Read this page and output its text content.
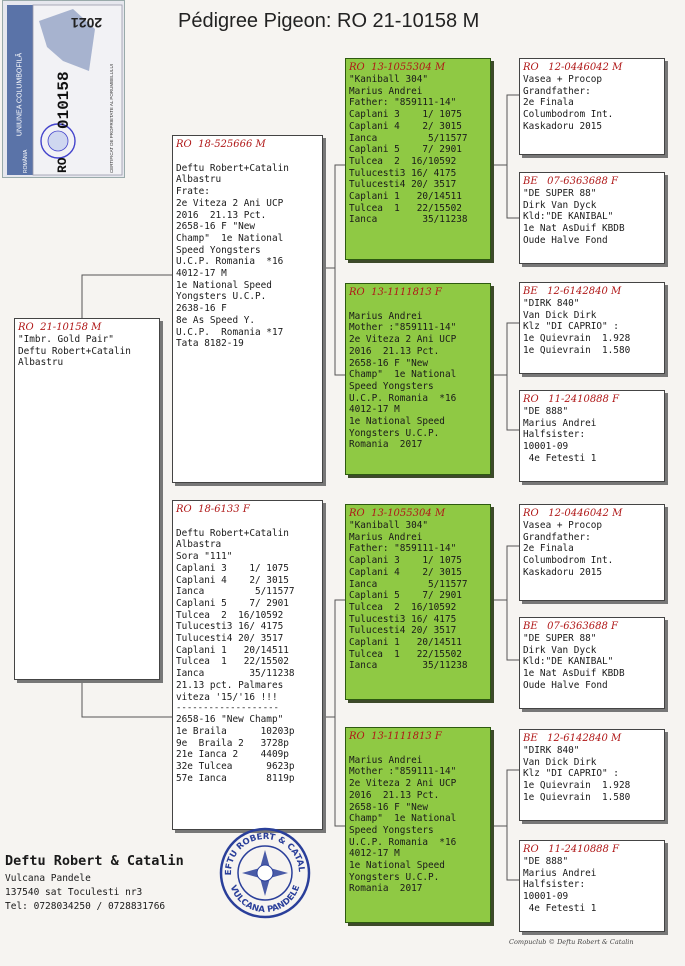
Pédigree Pigeon: RO 21-10158 M
UNIUNEA COLUMBOFILĂ
2021
010158
RO	CERTIFICAT DE PROPRIETATE AL PORUMBELULUI
ROMÂNIA
RO  21-10158 M
"Imbr. Gold Pair"
Deftu Robert+Catalin
Albastru
RO  18-525666 M
Deftu Robert+Catalin
Albastru
Frate:
2e Viteza 2 Ani UCP
2016  21.13 Pct.
2658-16 F "New
Champ"  1e National
Speed Yongsters
U.C.P. Romania  *16
4012-17 M
1e National Speed
Yongsters U.C.P.
2638-16 F
8e As Speed Y.
U.C.P.  Romania *17
Tata 8182-19
RO  18-6133 F
Deftu Robert+Catalin
Albastra
Sora "111"
Caplani 3    1/ 1075
Caplani 4    2/ 3015
Ianca         5/11577
Caplani 5    7/ 2901
Tulcea  2  16/10592
Tulucesti3 16/ 4175
Tulucesti4 20/ 3517
Caplani 1   20/14511
Tulcea  1   22/15502
Ianca        35/11238
21.13 pct. Palmares
viteza '15/'16 !!!
-------------------
2658-16 "New Champ"
1e Braila      10203p
9e  Braila 2   3728p
21e Ianca 2    4409p
32e Tulcea      9623p
57e Ianca       8119p
RO  13-1055304 M
"Kaniball 304"
Marius Andrei
Father: "859111-14"
Caplani 3    1/ 1075
Caplani 4    2/ 3015
Ianca         5/11577
Caplani 5    7/ 2901
Tulcea  2  16/10592
Tulucesti3 16/ 4175
Tulucesti4 20/ 3517
Caplani 1   20/14511
Tulcea  1   22/15502
Ianca        35/11238
RO  13-1111813 F
Marius Andrei
Mother :"859111-14"
2e Viteza 2 Ani UCP
2016  21.13 Pct.
2658-16 F "New
Champ"  1e National
Speed Yongsters
U.C.P. Romania  *16
4012-17 M
1e National Speed
Yongsters U.C.P.
Romania  2017
RO  13-1055304 M
"Kaniball 304"
Marius Andrei
Father: "859111-14"
Caplani 3    1/ 1075
Caplani 4    2/ 3015
Ianca         5/11577
Caplani 5    7/ 2901
Tulcea  2  16/10592
Tulucesti3 16/ 4175
Tulucesti4 20/ 3517
Caplani 1   20/14511
Tulcea  1   22/15502
Ianca        35/11238
RO  13-1111813 F
Marius Andrei
Mother :"859111-14"
2e Viteza 2 Ani UCP
2016  21.13 Pct.
2658-16 F "New
Champ"  1e National
Speed Yongsters
U.C.P. Romania  *16
4012-17 M
1e National Speed
Yongsters U.C.P.
Romania  2017
RO   12-0446042 M
Vasea + Procop
Grandfather:
2e Finala
Columbodrom Int.
Kaskadoru 2015
BE   07-6363688 F
"DE SUPER 88"
Dirk Van Dyck
Kld:"DE KANIBAL"
1e Nat AsDuif KBDB
Oude Halve Fond
BE   12-6142840 M
"DIRK 840"
Van Dick Dirk
Klz "DI CAPRIO" :
1e Quievrain  1.928
1e Quievrain  1.580
RO   11-2410888 F
"DE 888"
Marius Andrei
Halfsister:
10001-09
4e Fetesti 1
RO   12-0446042 M
Vasea + Procop
Grandfather:
2e Finala
Columbodrom Int.
Kaskadoru 2015
BE   07-6363688 F
"DE SUPER 88"
Dirk Van Dyck
Kld:"DE KANIBAL"
1e Nat AsDuif KBDB
Oude Halve Fond
BE   12-6142840 M
"DIRK 840"
Van Dick Dirk
Klz "DI CAPRIO" :
1e Quievrain  1.928
1e Quievrain  1.580
RO   11-2410888 F
"DE 888"
Marius Andrei
Halfsister:
10001-09
4e Fetesti 1
Deftu Robert & Catalin
Vulcana Pandele
137540 sat Toculesti nr3
Tel: 0728034250 / 0728831766
EFTU ROBERT & CATAL
VULCANA PANDELE
Compuclub © Deftu Robert & Catalin
